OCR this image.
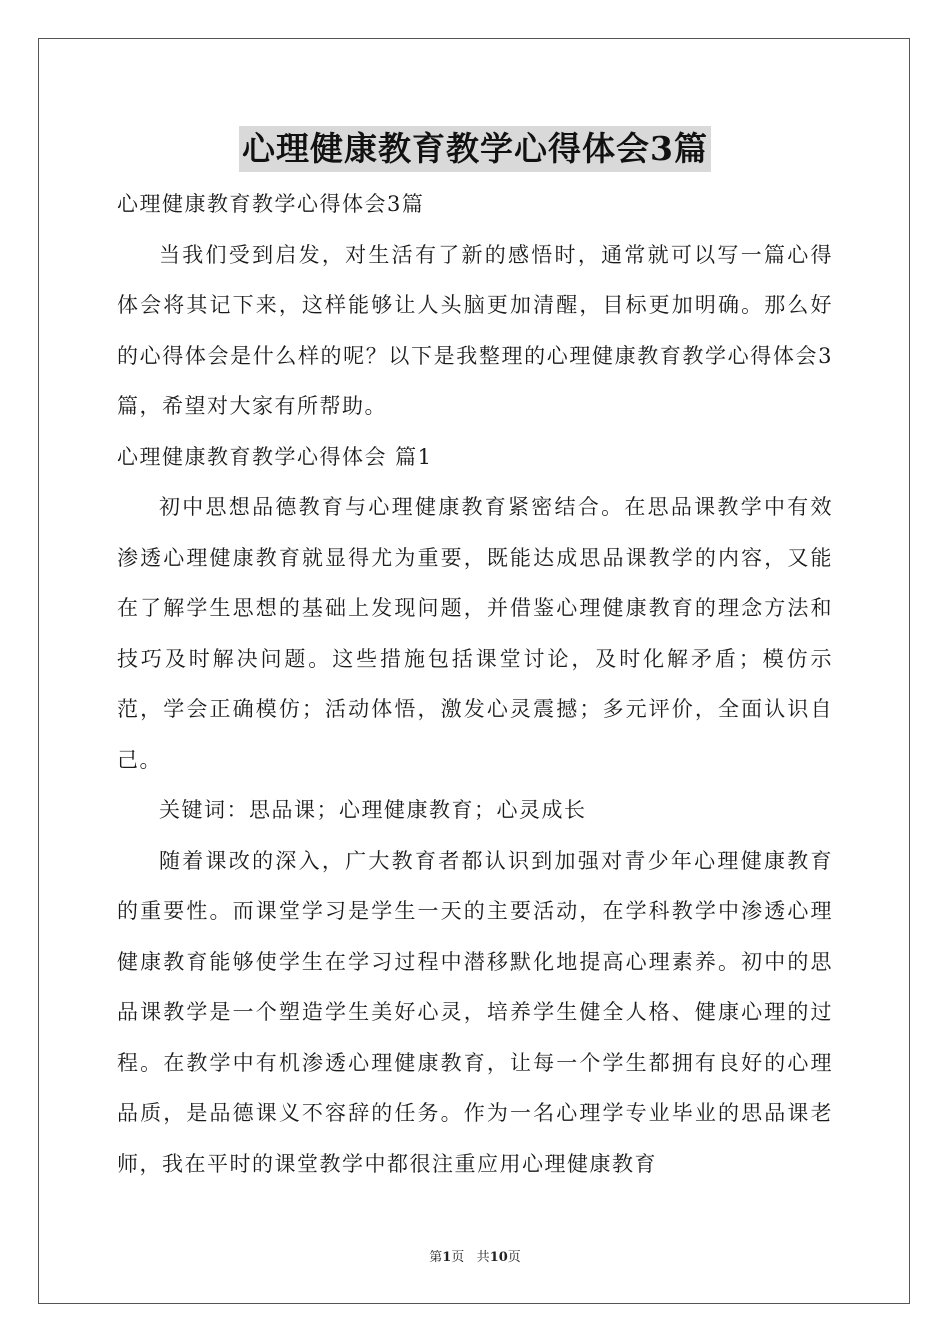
心理健康教育教学心得体会3篇

心理健康教育教学心得体会3篇

当我们受到启发，对生活有了新的感悟时，通常就可以写一篇心得体会将其记下来，这样能够让人头脑更加清醒，目标更加明确。那么好的心得体会是什么样的呢？以下是我整理的心理健康教育教学心得体会3篇，希望对大家有所帮助。

心理健康教育教学心得体会 篇1

初中思想品德教育与心理健康教育紧密结合。在思品课教学中有效渗透心理健康教育就显得尤为重要，既能达成思品课教学的内容，又能在了解学生思想的基础上发现问题，并借鉴心理健康教育的理念方法和技巧及时解决问题。这些措施包括课堂讨论，及时化解矛盾；模仿示范，学会正确模仿；活动体悟，激发心灵震撼；多元评价，全面认识自己。

关键词：思品课；心理健康教育；心灵成长

随着课改的深入，广大教育者都认识到加强对青少年心理健康教育的重要性。而课堂学习是学生一天的主要活动，在学科教学中渗透心理健康教育能够使学生在学习过程中潜移默化地提高心理素养。初中的思品课教学是一个塑造学生美好心灵，培养学生健全人格、健康心理的过程。在教学中有机渗透心理健康教育，让每一个学生都拥有良好的心理品质，是品德课义不容辞的任务。作为一名心理学专业毕业的思品课老师，我在平时的课堂教学中都很注重应用心理健康教育

第1页 共10页
